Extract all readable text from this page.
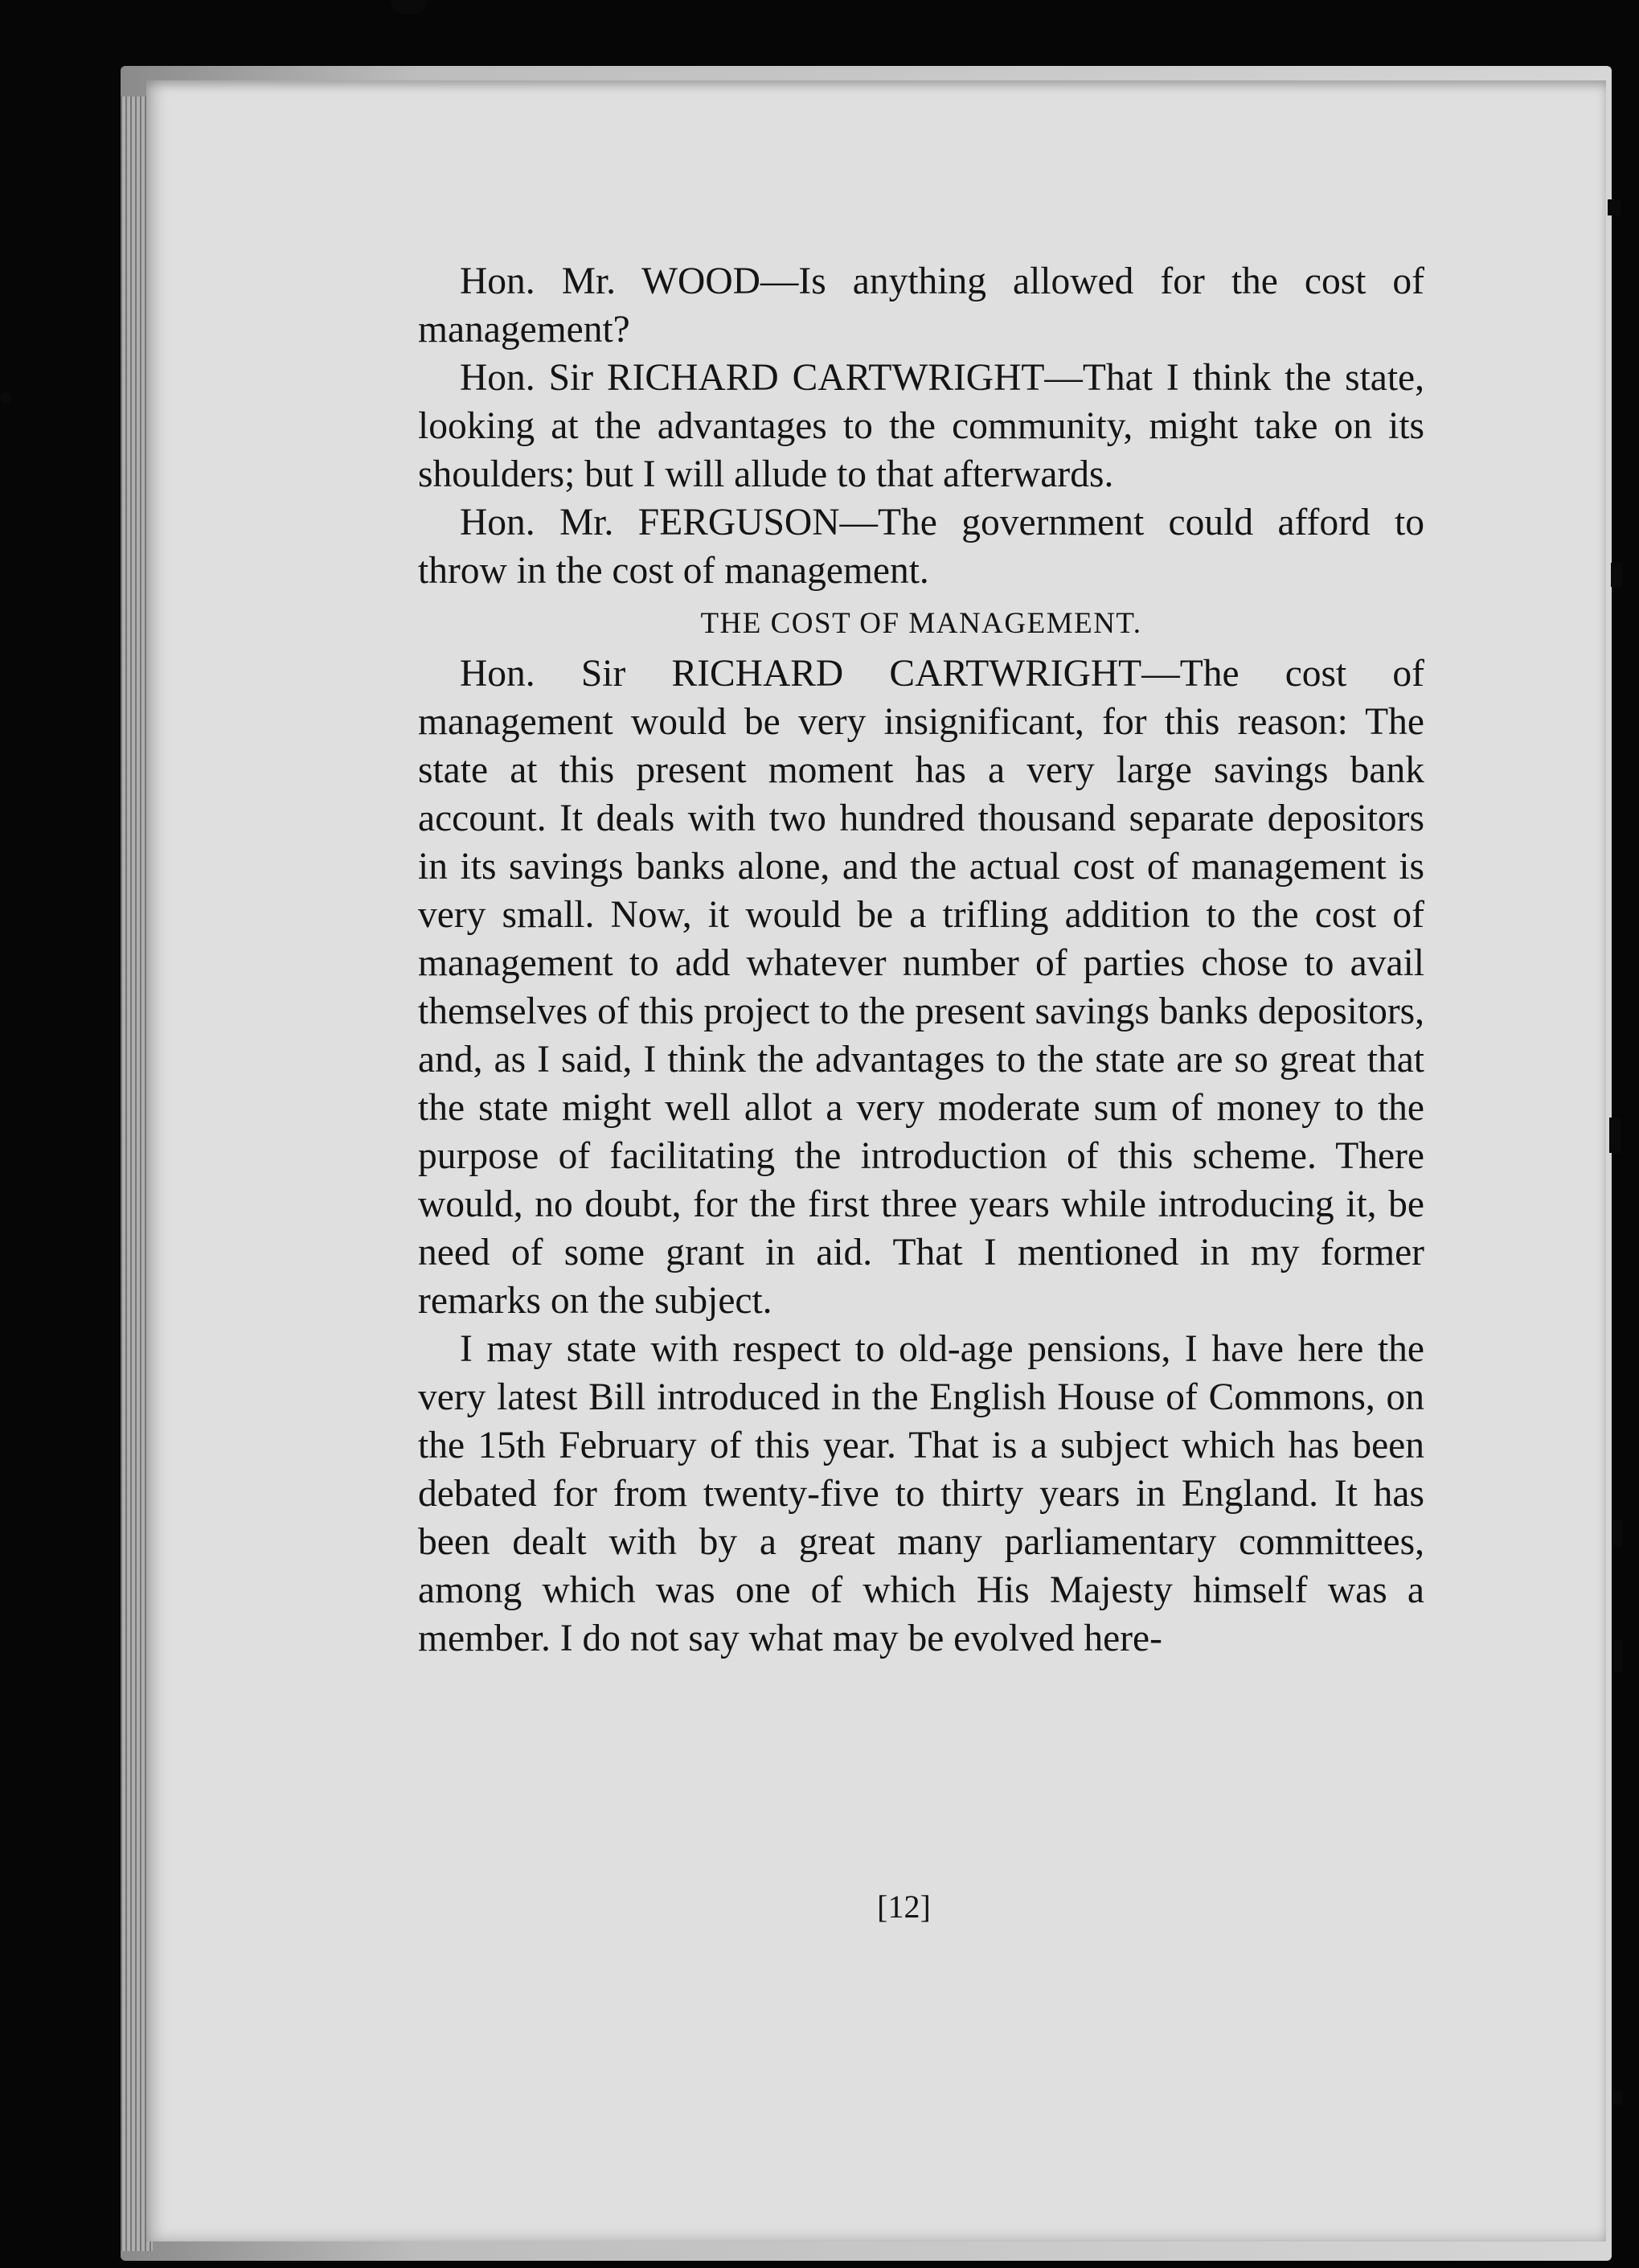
Hon. Mr. WOOD—Is anything allowed for the cost of management?

Hon. Sir RICHARD CARTWRIGHT—That I think the state, looking at the advantages to the community, might take on its shoulders; but I will allude to that afterwards.

Hon. Mr. FERGUSON—The government could afford to throw in the cost of management.

THE COST OF MANAGEMENT.

Hon. Sir RICHARD CARTWRIGHT—The cost of management would be very insignificant, for this reason: The state at this present moment has a very large savings bank account. It deals with two hundred thousand separate depositors in its savings banks alone, and the actual cost of management is very small. Now, it would be a trifling addition to the cost of management to add whatever number of parties chose to avail themselves of this project to the present savings banks depositors, and, as I said, I think the advantages to the state are so great that the state might well allot a very moderate sum of money to the purpose of facilitating the introduction of this scheme. There would, no doubt, for the first three years while introducing it, be need of some grant in aid. That I mentioned in my former remarks on the subject.

I may state with respect to old-age pensions, I have here the very latest Bill introduced in the English House of Commons, on the 15th February of this year. That is a subject which has been debated for from twenty-five to thirty years in England. It has been dealt with by a great many parliamentary committees, among which was one of which His Majesty himself was a member. I do not say what may be evolved here-

[12]
